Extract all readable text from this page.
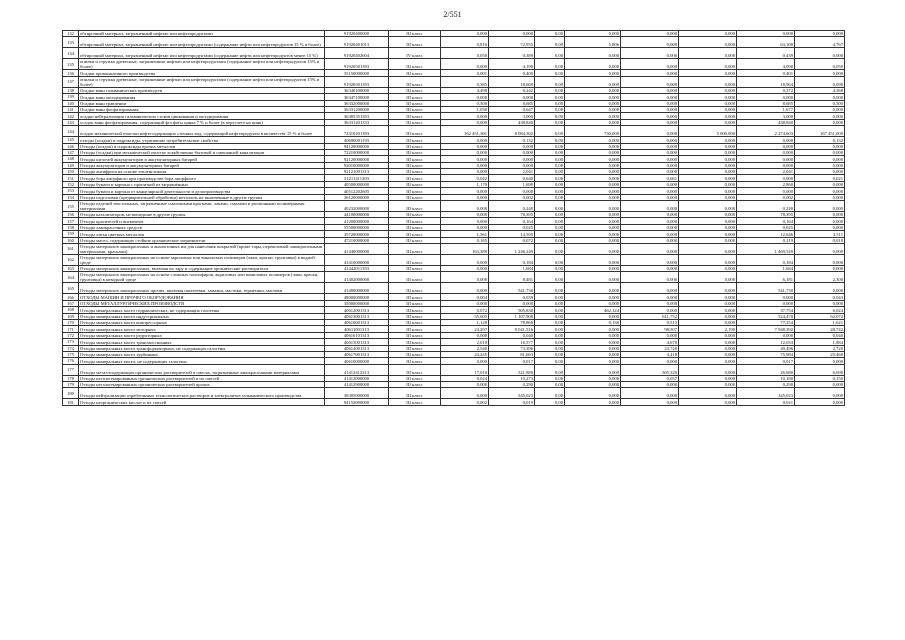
2/551
132	обтирочный материал, загрязненный нефтью или нефтепродуктами	91920400000	III класс	0,000	0,000	0,00	0,000	0,000	0,000	0,000	0,000
133	обтирочный материал, загрязненный нефтью или нефтепродуктами (содержание нефти или нефтепродуктов 15 % и более)	91920401013	III класс	0,816	72,955	0,00	5,806	0,000	0,000	63,108	4,767
134	обтирочный материал, загрязненный нефтью или нефтепродуктами (содержание нефти или нефтепродуктов менее 15 %)	91920402604	IV класс	0,050	0,389	0,00	0,000	0,000	0,000	0,439	0,000
135	опилки и стружка древесные, загрязненные нефтью или нефтепродуктами (содержание нефти или нефтепродуктов 15% и более)	91920501393	III класс	0,000	4,190	0,00	0,000	0,000	0,000	4,090	0,050
136	Осадки промышленного производства	35150000000	III класс	0,001	0,400	0,00	0,000	0,000	0,000	0,401	0,000
137	опилки и стружка древесные, загрязненные нефтью или нефтепродуктами (содержание нефти или нефтепродуктов 15% и более)	91920501393	III класс	0,385	18,669	0,00	0,000	0,000	0,000	18,964	0,090
138	Осадки ванн гальванических производств	36340200000	III класс	4,498	0,242	0,00	0,000	0,000	0,000	0,372	4,368
139	Осадки ванн оксидирования	36347100000	III класс	0,000	0,000	0,00	0,000	0,000	0,000	0,000	0,000
140	Осадки ванн травления	36332000000	III класс	0,500	8,685	0,00	0,000	0,000	0,000	8,685	0,500
141	Осадки ванн фосфатирования	36331200000	III класс	1,030	0,647	0,00	0,000	0,000	0,000	1,677	0,000
142	осадки нейтрализации гальванических стоков цинкования и оксидирования	36385351393	III класс	0,000	3,000	0,00	0,000	0,000	0,000	3,000	0,000
143	осадок ванн фосфатирования, содержащий фосфаты цинка 7 % и более (в пересчете на цинк)	36331201333	III класс	0,000	438,840	0,00	0,000	0,000	0,000	438,840	0,000
144	осадок механической очистки нефтесодержащих сточных вод, содержащий нефтепродукты в количестве 15 % и более	72310201393	III класс	162 451,301	8 084,302	0,00	730,000	0,000	5 000,000	2 274,603	167 451,000
145	отходы (осадки) и гидроксиды, утратившие потребительские свойства	40690001193	III класс	0,000	0,132	0,00	0,000	0,000	0,000	0,000	0,132
146	Отходы (осадок) и гидроксиды прочих металлов	94120000000	III класс	0,000	0,000	0,00	0,000	0,000	0,000	0,000	0,000
147	Отходы (осадки) при механической очистке хозяйственно-бытовой и смешанной канализации	72210000000	III класс	0,000	0,000	0,00	0,000	0,000	0,000	0,000	0,000
148	Отходы щелочей аккумуляторов и аккумуляторных батарей	92120000000	III класс	0,000	0,000	0,00	0,000	0,000	0,000	0,000	0,000
149	Отходы аккумуляторов и аккумуляторных батарей	92010000000	III класс	0,000	0,000	0,00	0,000	0,000	0,000	0,000	0,000
150	Отходы антифриза на основе этиленгликоля	92121001313	III класс	0,000	2,041	0,00	0,000	0,000	0,000	2,041	0,000
151	Отходы бора аморфного при производстве бора аморфного	31211411203	III класс	0,042	0,640	0,00	0,000	0,661	0,000	0,000	0,021
152	Отходы бумаги и картона с пропиткой из загрязнённых	40500000000	III класс	1,170	1,690	0,00	0,000	0,000	0,000	2,860	0,000
153	Отходы бумаги и картона от канцелярской деятельности и делопроизводства	40512202605	III класс	0,000	0,000	0,00	0,000	0,000	0,000	0,000	0,000
154	Отходы подготовки (предварительной обработки) металлов, не включенные в другие группы	36120000000	III класс	0,000	0,002	0,00	0,000	0,000	0,000	0,002	0,000
155	Отходы изделий текстильных, загрязненные смазочными красками, лаками, смолами и различными полимерными материалами	40232000000	III класс	0,000	0,240	0,00	0,000	0,000	0,000	0,240	0,000
156	Отходы катализаторов, не вошедшие в другие группы	44100000000	III класс	0,000	78,395	0,00	0,000	0,000	0,000	78,395	0,000
157	Отходы красителей и пигментов	41200000000	III класс	0,000	0,164	0,00	0,000	0,000	0,000	0,164	0,000
158	Отходы лакокрасочных средств	55500000000	III класс	0,000	0,025	0,00	0,000	0,000	0,000	0,025	0,000
159	Отходы литья цветных металлов	35720000000	III класс	1,561	14,595	0,00	0,000	0,000	0,000	12,646	3,511
160	Отходы масел, содержащих стойкие органические загрязнители	47210000000	III класс	0,165	0,072	0,00	0,000	0,000	0,000	0,219	0,018
161	Отходы материалов лакокрасочных и аналогичных им для нанесения покрытий (кроме тары, перевозимой лакокрасочными материалами, красками)	41440000000	III класс	163,389	1 246,249	0,00	0,000	0,000	0,000	1 469,549	0,000
162	Отходы материалов лакокрасочных на основе акриловых или виниловых полимеров (лаки, краски, грунтовки) в водной среде	41410000000	III класс	0,000	0,184	0,00	0,000	0,000	0,000	0,184	0,000
163	Отходы материалов лакокрасочных, включая их тару и содержащие органические растворители	41442011393	III класс	0,000	1,684	0,00	0,000	0,000	0,000	1,684	0,000
164	Отходы материалов лакокрасочных на основе сложных полиэфиров, акриловых или виниловых полимеров (лаки, краски, грунтовки) в неводной среде	41402000000	III класс	0,000	8,481	0,00	0,000	0,000	0,000	6,181	2,300
165	Отходы материалов лакокрасочных прочих, включая шпатлевки, замазки, мастики, герметики, мастики	41400000000	III класс	0,000	541,730	0,00	0,000	0,000	0,000	541,730	0,000
166	ОТХОДЫ МАШИН И ПРОЧЕГО ОБОРУДОВАНИЯ	48000000000	III класс	0,004	0,039	0,00	0,000	0,000	0,000	0,000	0,043
167	ОТХОДЫ МЕТАЛЛУРГИЧЕСКИХ ПРОИЗВОДСТВ	35000000000	III класс	0,000	0,000	0,00	0,000	0,000	0,000	0,000	0,000
168	Отходы минеральных масел гидравлических, не содержащих галогены	40612001313	III класс	0,072	505,830	0,00	462,124	0,000	0,000	37,754	6,024
169	Отходы минеральных масел индустриальных	40613001313	III класс	35,605	1 107,908	0,00	0,000	611,752	0,000	524,470	62,072
170	Отходы минеральных масел компрессорных	40616601313	III класс	1,128	78,868	0,00	0,130	0,513	0,000	77,254	1,621
171	Отходы минеральных масел моторных	40611001313	III класс	24,297	8 041,516	0,00	0,000	98,507	2,190	7 948,392	28,742
172	Отходы минеральных масел редукторных	40616101313	III класс	0,000	0,040	0,00	0,000	0,000	0,000	0,000	0,040
173	Отходы минеральных масел трансмиссионных	40615001313	III класс	2,010	16,577	0,00	0,000	4,670	0,000	12,033	1,884
174	Отходы минеральных масел трансформаторных, не содержащих галогены	40614001313	III класс	2,540	73,396	0,00	0,000	23,720	0,000	49,496	2,720
175	Отходы минеральных масел турбинных	40617001313	III класс	24,245	81,663	0,00	0,000	4,418	0,000	75,984	25,460
176	Отходы минеральных масел, не содержащих галогены	40610000000	III класс	0,000	0,017	0,00	0,000	0,000	0,000	0,017	0,000
177	Отходы металлсодержащих органических растворителей в смесях, загрязненные лакокрасочными материалами	41412412313	III класс	17,010	321,880	0,00	0,000	305,320	0,000	26,680	6,690
178	Отходы негалогенированных органических растворителей и их смесей	41412000000	III класс	0,024	10,273	0,00	0,000	0,057	0,000	10,180	0,150
179	Отходы негалогенированных органических растворителей прочих	41412900000	III класс	0,000	0,290	0,00	0,000	0,000	0,000	0,290	0,000
180	Отходы нейтрализации отработанных технологических растворов и электролитов гальванического производства	36385000000	III класс	0,000	345,023	0,00	0,000	0,000	0,000	345,023	0,000
181	Отходы неорганических кислот и их смесей	94152000000	III класс	0,002	0,019	0,00	0,000	0,000	0,000	0,021	0,000
